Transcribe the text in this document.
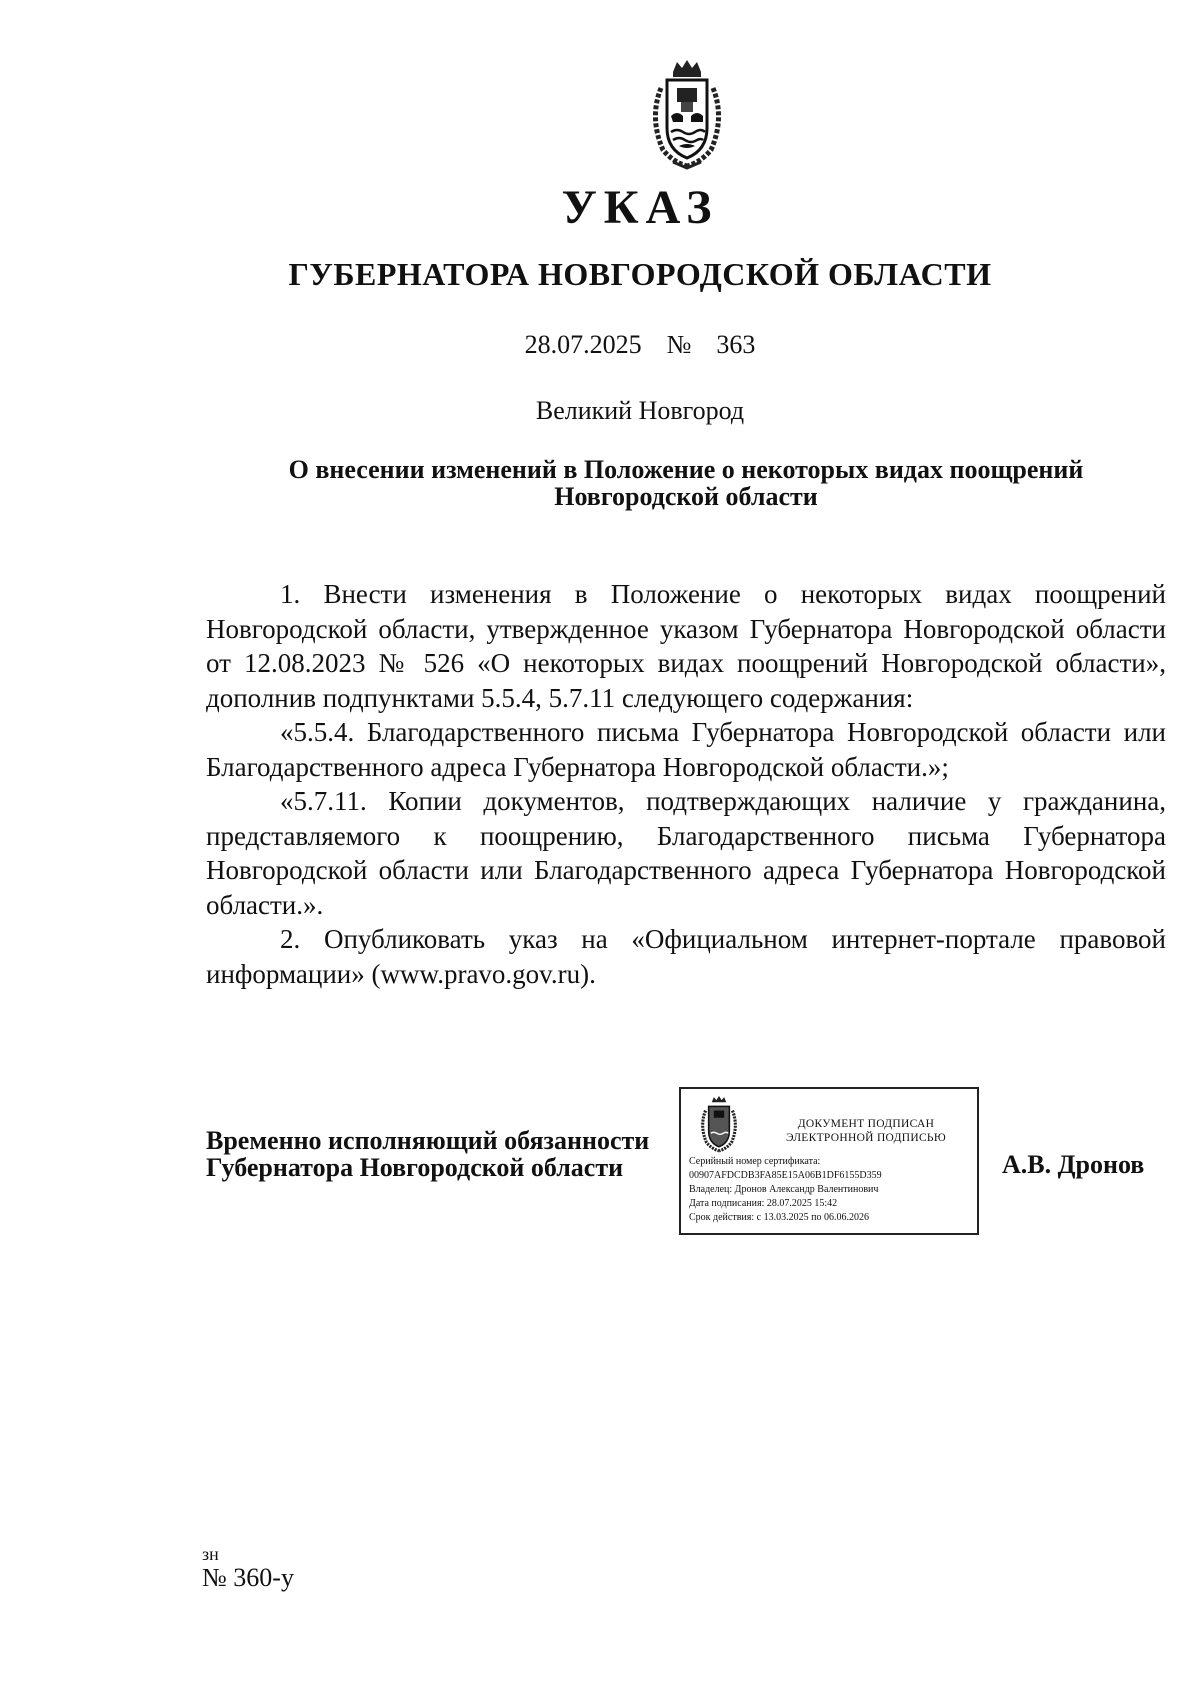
УКАЗ
ГУБЕРНАТОРА НОВГОРОДСКОЙ ОБЛАСТИ
28.07.2025  №  363
Великий Новгород
О внесении изменений в Положение о некоторых видах поощрений
Новгородской области

1. Внести изменения в Положение о некоторых видах поощрений Новгородской области, утвержденное указом Губернатора Новгородской области от 12.08.2023 № 526 «О некоторых видах поощрений Новгородской области», дополнив подпунктами 5.5.4, 5.7.11 следующего содержания:

«5.5.4. Благодарственного письма Губернатора Новгородской области или Благодарственного адреса Губернатора Новгородской области.»;

«5.7.11. Копии документов, подтверждающих наличие у гражданина, представляемого к поощрению, Благодарственного письма Губернатора Новгородской области или Благодарственного адреса Губернатора Новгородской области.».

2. Опубликовать указ на «Официальном интернет-портале правовой информации» (www.pravo.gov.ru).

Временно исполняющий обязанности
Губернатора Новгородской области
ДОКУМЕНТ ПОДПИСАН
ЭЛЕКТРОННОЙ ПОДПИСЬЮ
Серийный номер сертификата:
00907AFDCDB3FA85E15A06B1DF6155D359
Владелец: Дронов Александр Валентинович
Дата подписания: 28.07.2025 15:42
Срок действия: с 13.03.2025 по 06.06.2026
А.В. Дронов
зн
№ 360-у
